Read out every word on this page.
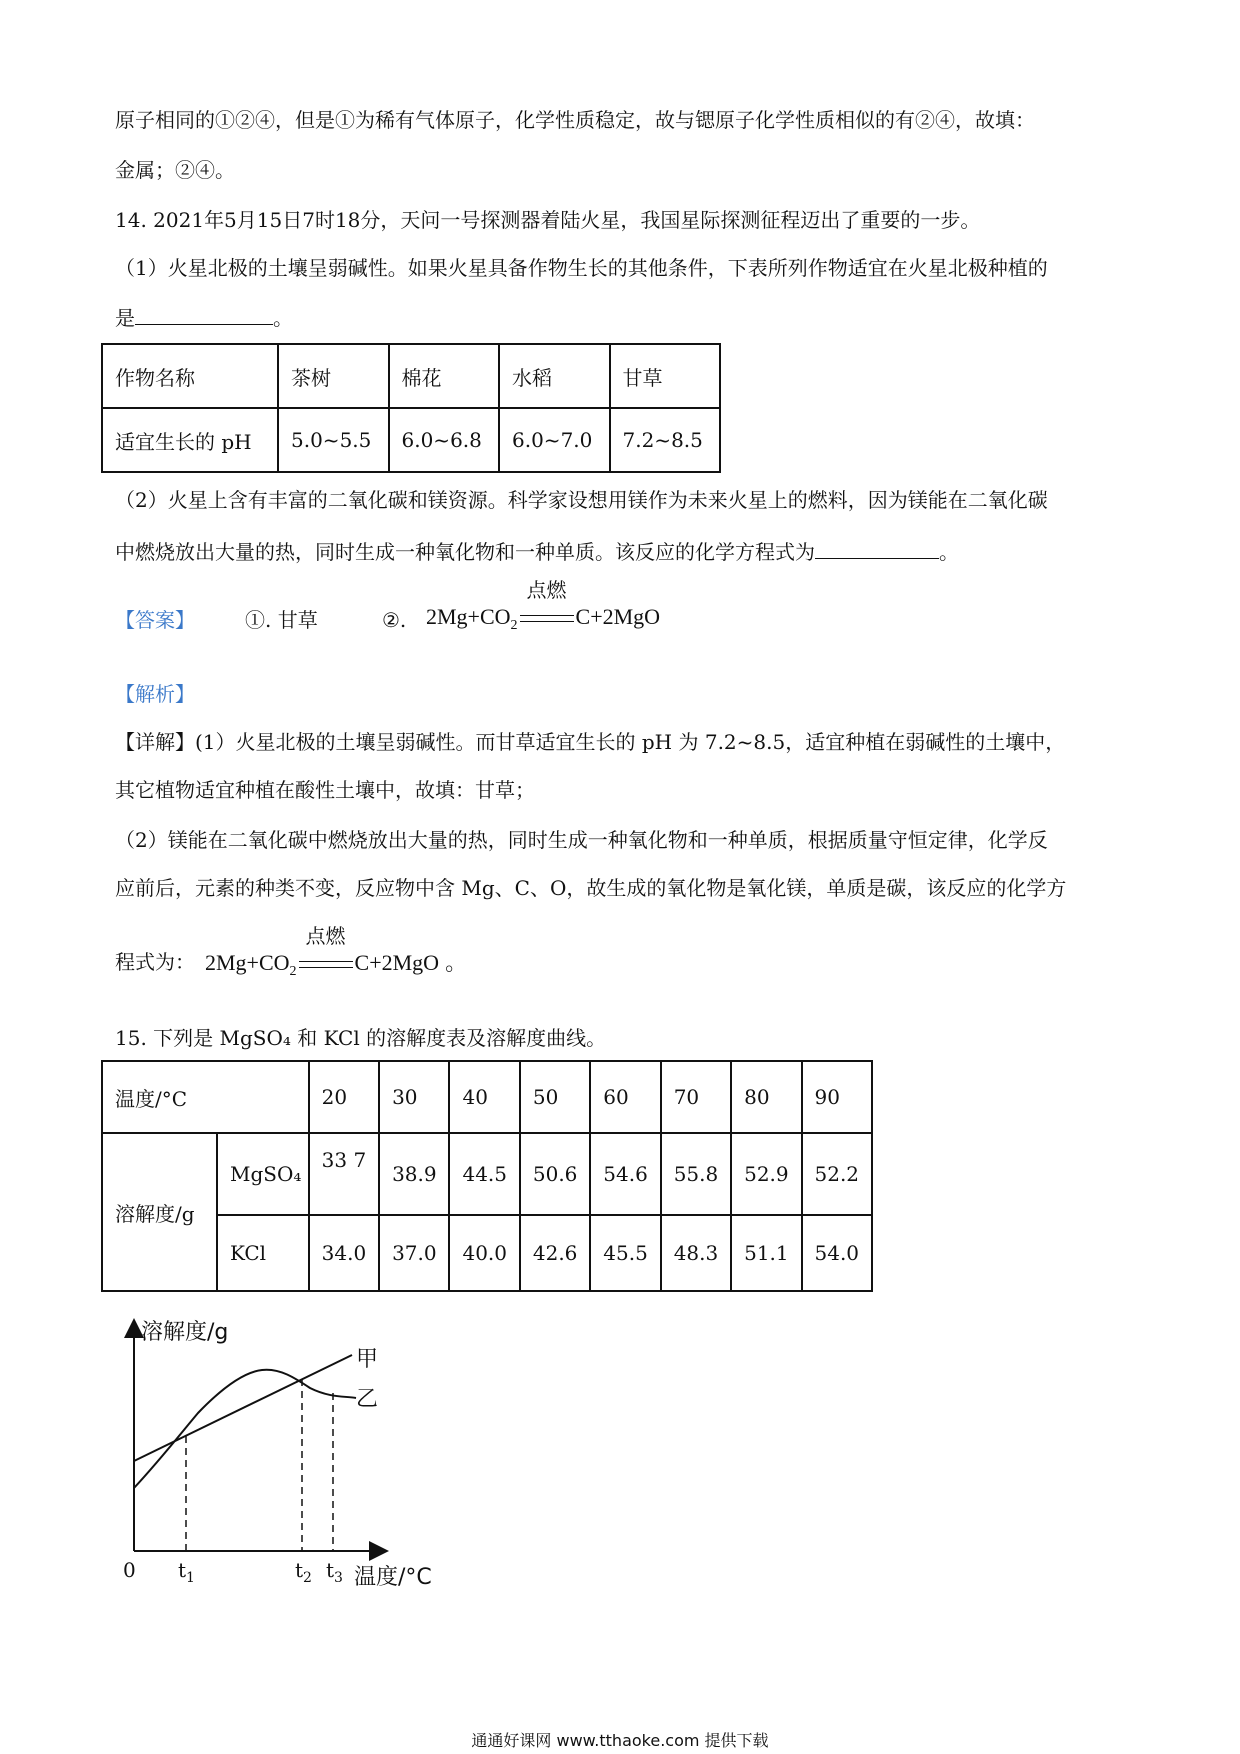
原子相同的①②④，但是①为稀有气体原子，化学性质稳定，故与锶原子化学性质相似的有②④，故填：
金属；②④。
14. 2021年5月15日7时18分，天问一号探测器着陆火星，我国星际探测征程迈出了重要的一步。
（1）火星北极的土壤呈弱碱性。如果火星具备作物生长的其他条件，下表所列作物适宜在火星北极种植的
是	。
作物名称	茶树	棉花	水稻	甘草
适宜生长的 pH	5.0~5.5	6.0~6.8	6.0~7.0	7.2~8.5
（2）火星上含有丰富的二氧化碳和镁资源。科学家设想用镁作为未来火星上的燃料，因为镁能在二氧化碳
中燃烧放出大量的热，同时生成一种氧化物和一种单质。该反应的化学方程式为	。
【答案】	①. 甘草	②. $2Mg+CO_2$
点燃
C+2MgO
【解析】
【详解】(1）火星北极的土壤呈弱碱性。而甘草适宜生长的 pH 为 7.2~8.5，适宜种植在弱碱性的土壤中，
其它植物适宜种植在酸性土壤中，故填：甘草；
（2）镁能在二氧化碳中燃烧放出大量的热，同时生成一种氧化物和一种单质，根据质量守恒定律，化学反
应前后，元素的种类不变，反应物中含 Mg、C、O，故生成的氧化物是氧化镁，单质是碳，该反应的化学方
程式为： $2Mg+CO_2$
点燃
C+2MgO 。
15. 下列是 MgSO₄ 和 KCl 的溶解度表及溶解度曲线。
温度/°C		20	30	40	50	60	70	80	90
溶解度/g	MgSO₄	33 7	38.9	44.5	50.6	54.6	55.8	52.9	52.2
	KCl	34.0	37.0	40.0	42.6	45.5	48.3	51.1	54.0
溶解度/g
甲
乙
0 $t_1$	$t_2$ $t_3$ 温度/°C
通通好课网 www.tthaoke.com 提供下载
